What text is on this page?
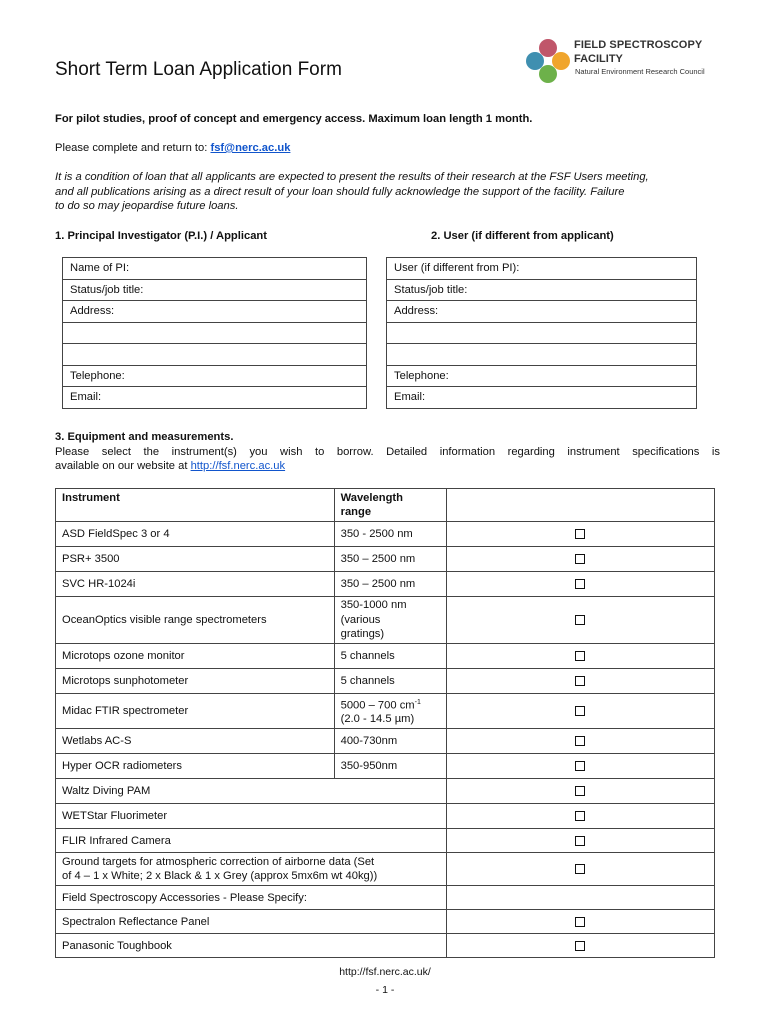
Short Term Loan Application Form
FIELD SPECTROSCOPY
FACILITY
Natural Environment Research Council
For pilot studies, proof of concept and emergency access. Maximum loan length 1 month.
Please complete and return to: fsf@nerc.ac.uk
It is a condition of loan that all applicants are expected to present the results of their research at the FSF Users meeting,
and all publications arising as a direct result of your loan should fully acknowledge the support of the facility. Failure
to do so may jeopardise future loans.
1. Principal Investigator (P.I.) / Applicant	2. User (if different from applicant)
Name of PI:
Status/job title:
Address:

Telephone:
Email:
User (if different from PI):
Status/job title:
Address:

Telephone:
Email:
3. Equipment and measurements.
Please select the instrument(s) you wish to borrow. Detailed information regarding instrument specifications is
available on our website at http://fsf.nerc.ac.uk
Instrument	Wavelength
range	

ASD FieldSpec 3 or 4	350 - 2500 nm	
PSR+ 3500	350 – 2500 nm	
SVC HR-1024i	350 – 2500 nm	
OceanOptics visible range spectrometers	350-1000 nm
(various
gratings)	

Microtops ozone monitor	5 channels	
Microtops sunphotometer	5 channels	
Midac FTIR spectrometer	5000 – 700 $cm^{-1}$
(2.0 - 14.5 µm)	

Wetlabs AC-S	400-730nm	
Hyper OCR radiometers	350-950nm	
Waltz Diving PAM		
WETStar Fluorimeter		
FLIR Infrared Camera		

Ground targets for atmospheric correction of airborne data (Set
of 4 – 1 x White; 2 x Black & 1 x Grey (approx 5mx6m wt 40kg))		

Field Spectroscopy Accessories - Please Specify:		
Spectralon Reflectance Panel		
Panasonic Toughbook		
http://fsf.nerc.ac.uk/
- 1 -
